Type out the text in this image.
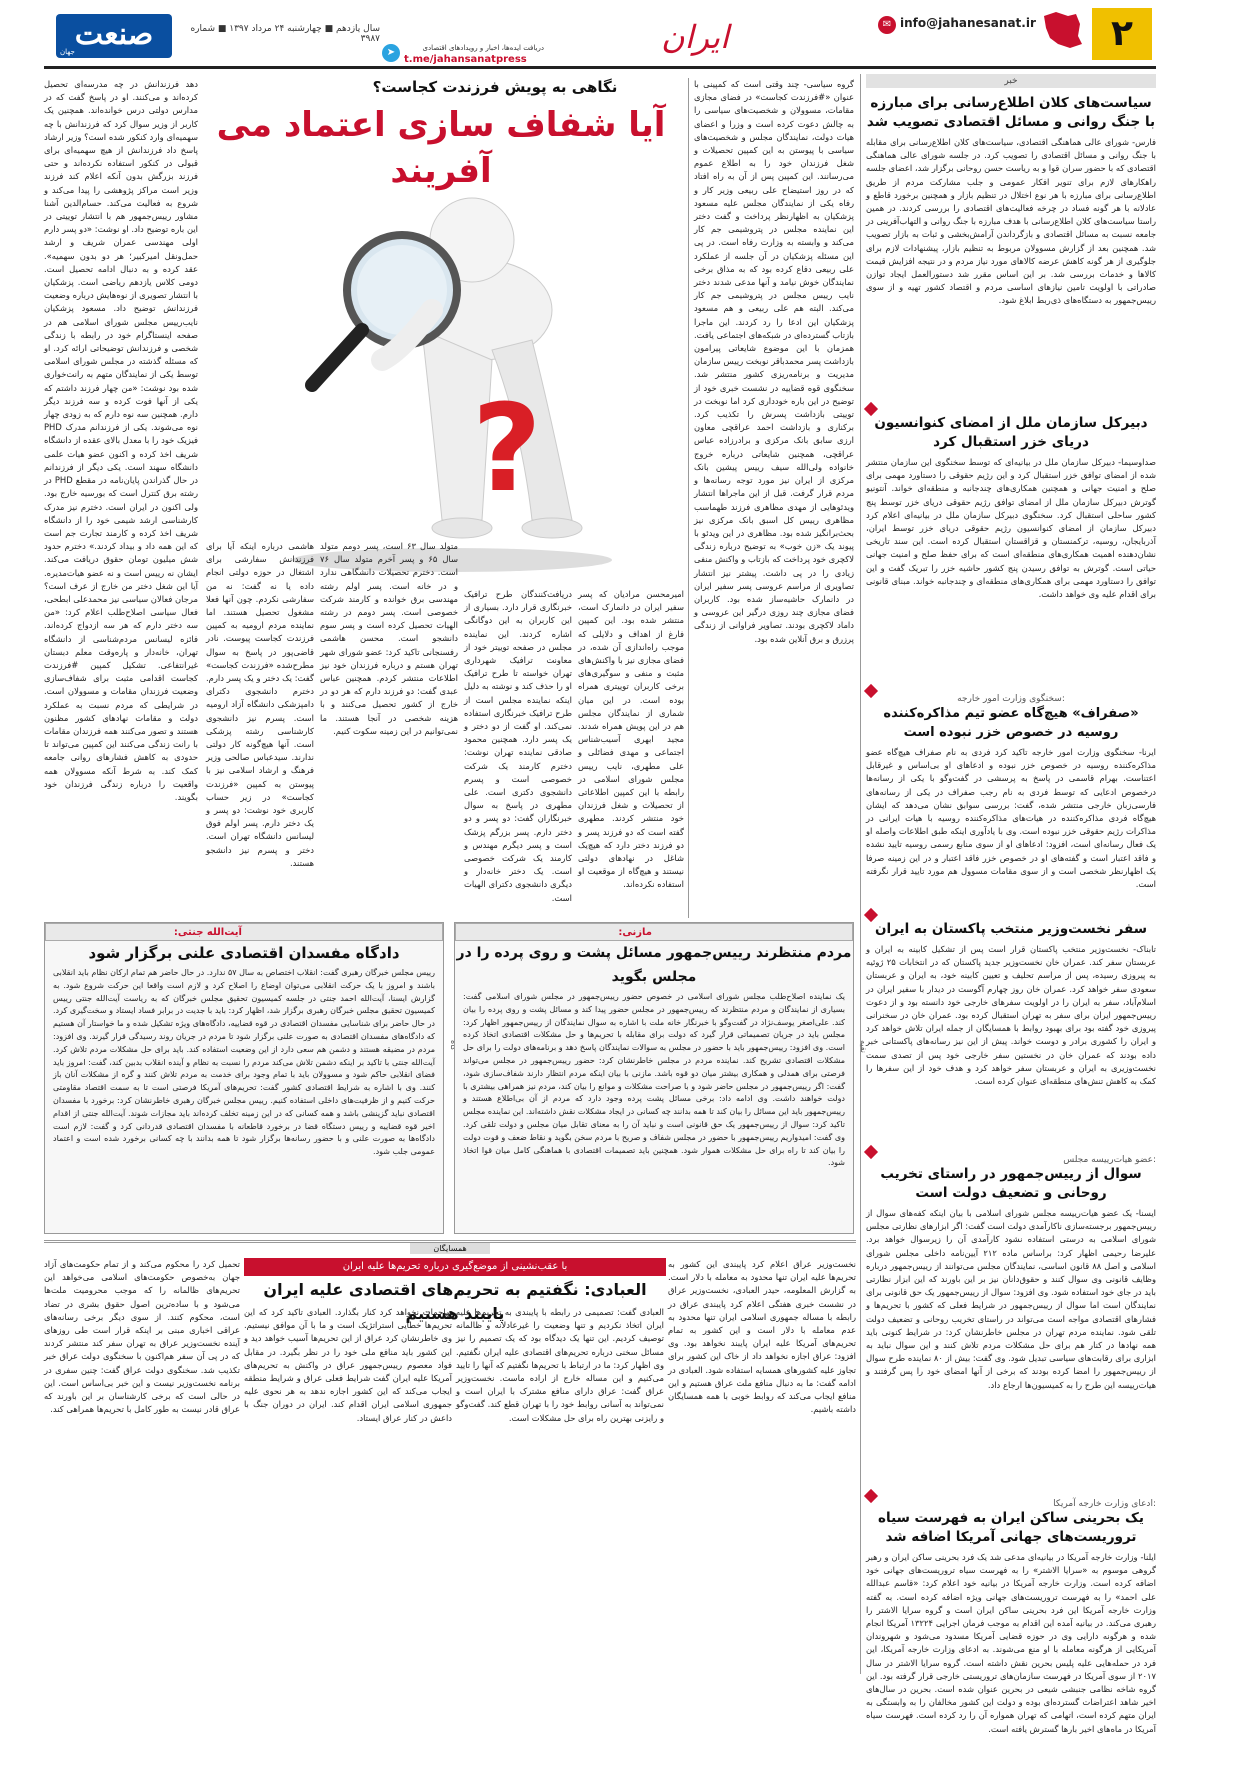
صنعت
جهان
سال یازدهم ■ چهارشنبه ۲۴ مرداد ۱۳۹۷ ■ شماره ۳۹۸۷
➤	دریافت ایده‌ها، اخبار و رویدادهای اقتصادی
t.me/jahansanatpress
ایران	✉ info@jahanesanat.ir	۲
خبر
سیاست‌های کلان اطلاع‌رسانی برای مبارزه با جنگ روانی و مسائل اقتصادی تصویب شد
فارس- شورای عالی هماهنگی اقتصادی، سیاست‌های کلان اطلاع‌رسانی برای مقابله با جنگ روانی و مسائل اقتصادی را تصویب کرد. در جلسه شورای عالی هماهنگی اقتصادی که با حضور سران قوا و به ریاست حسن روحانی برگزار شد، اعضای جلسه راهکارهای لازم برای تنویر افکار عمومی و جلب مشارکت مردم از طریق اطلاع‌رسانی برای مبارزه با هر نوع اختلال در تنظیم بازار و همچنین برخورد قاطع و عادلانه با هر گونه فساد در چرخه فعالیت‌های اقتصادی را بررسی کردند. در همین راستا سیاست‌های کلان اطلاع‌رسانی با هدف مبارزه با جنگ روانی و التهاب‌آفرینی در جامعه نسبت به مسائل اقتصادی و بازگرداندن آرامش‌بخشی و ثبات به بازار تصویب شد. همچنین بعد از گزارش مسوولان مربوط به تنظیم بازار، پیشنهادات لازم برای جلوگیری از هر گونه کاهش عرضه کالاهای مورد نیاز مردم و در نتیجه افزایش قیمت کالاها و خدمات بررسی شد. بر این اساس مقرر شد دستورالعمل ایجاد توازن صادراتی با اولویت تامین نیازهای اساسی مردم و اقتصاد کشور تهیه و از سوی رییس‌جمهور به دستگاه‌های ذی‌ربط ابلاغ شود.
دبیرکل سازمان ملل از امضای کنوانسیون دریای خزر استقبال کرد
صداوسیما- دبیرکل سازمان ملل در بیانیه‌ای که توسط سخنگوی این سازمان منتشر شده از امضای توافق خزر استقبال کرد و این رژیم حقوقی را دستاورد مهمی برای صلح و امنیت جهانی و همچنین همکاری‌های چندجانبه و منطقه‌ای خواند. آنتونیو گوترش دبیرکل سازمان ملل از امضای توافق رژیم حقوقی دریای خزر توسط پنج کشور ساحلی استقبال کرد. سخنگوی دبیرکل سازمان ملل در بیانیه‌ای اعلام کرد دبیرکل سازمان از امضای کنوانسیون رژیم حقوقی دریای خزر توسط ایران، آذربایجان، روسیه، ترکمنستان و قزاقستان استقبال کرده است. این سند تاریخی نشان‌دهنده اهمیت همکاری‌های منطقه‌ای است که برای حفظ صلح و امنیت جهانی حیاتی است. گوترش به توافق رسیدن پنج کشور حاشیه خزر را تبریک گفت و این توافق را دستاورد مهمی برای همکاری‌های منطقه‌ای و چندجانبه خواند. مبنای قانونی برای اقدام علیه وی خواهد داشت.
سخنگوی وزارت امور خارجه:
«صفراف» هیچ‌گاه عضو تیم مذاکره‌کننده روسیه در خصوص خزر نبوده است
ایرنا- سخنگوی وزارت امور خارجه تاکید کرد فردی به نام صفراف هیچ‌گاه عضو مذاکره‌کننده روسیه در خصوص خزر نبوده و ادعاهای او بی‌اساس و غیرقابل اعتناست. بهرام قاسمی در پاسخ به پرسشی در گفت‌وگو با یکی از رسانه‌ها درخصوص ادعایی که توسط فردی به نام رجب صفراف در یکی از رسانه‌های فارسی‌زبان خارجی منتشر شده، گفت: بررسی سوابق نشان می‌دهد که ایشان هیچ‌گاه فردی مذاکره‌کننده در هیات‌های مذاکره‌کننده روسیه با هیات ایرانی در مذاکرات رژیم حقوقی خزر نبوده است. وی با یادآوری اینکه طبق اطلاعات واصله او یک فعال رسانه‌ای است، افزود: ادعاهای او از سوی منابع رسمی روسیه تایید نشده و فاقد اعتبار است و گفته‌های او در خصوص خزر فاقد اعتبار و در این زمینه صرفا یک اظهارنظر شخصی است و از سوی مقامات مسوول هم مورد تایید قرار نگرفته است.
سفر نخست‌وزیر منتخب پاکستان به ایران
تابناک- نخست‌وزیر منتخب پاکستان قرار است پس از تشکیل کابینه به ایران و عربستان سفر کند. عمران خان نخست‌وزیر جدید پاکستان که در انتخابات ۲۵ ژوئیه به پیروزی رسیده، پس از مراسم تحلیف و تعیین کابینه خود، به ایران و عربستان سعودی سفر خواهد کرد. عمران خان روز چهارم آگوست در دیدار با سفیر ایران در اسلام‌آباد، سفر به ایران را در اولویت سفرهای خارجی خود دانسته بود و از دعوت رییس‌جمهور ایران برای سفر به تهران استقبال کرده بود. عمران خان در سخنرانی پیروزی خود گفته بود برای بهبود روابط با همسایگان از جمله ایران تلاش خواهد کرد و ایران را کشوری برادر و دوست خواند. پیش از این نیز رسانه‌های پاکستانی خبر داده بودند که عمران خان در نخستین سفر خارجی خود پس از تصدی سمت نخست‌وزیری به ایران و عربستان سفر خواهد کرد و هدف خود از این سفرها را کمک به کاهش تنش‌های منطقه‌ای عنوان کرده است.
عضو هیات‌رییسه مجلس:
سوال از رییس‌جمهور در راستای تخریب روحانی و تضعیف دولت است
ایسنا- یک عضو هیات‌رییسه مجلس شورای اسلامی با بیان اینکه کفه‌های سوال از رییس‌جمهور برجسته‌سازی ناکارآمدی دولت است گفت: اگر ابزارهای نظارتی مجلس شورای اسلامی به درستی استفاده نشود کارآمدی آن را زیرسوال خواهد برد. علیرضا رحیمی اظهار کرد: براساس ماده ۲۱۲ آیین‌نامه داخلی مجلس شورای اسلامی و اصل ۸۸ قانون اساسی، نمایندگان مجلس می‌توانند از رییس‌جمهور درباره وظایف قانونی وی سوال کنند و حقوق‌دانان نیز بر این باورند که این ابزار نظارتی باید در جای خود استفاده شود. وی افزود: سوال از رییس‌جمهور یک حق قانونی برای نمایندگان است اما سوال از رییس‌جمهور در شرایط فعلی که کشور با تحریم‌ها و فشارهای اقتصادی مواجه است می‌تواند در راستای تخریب روحانی و تضعیف دولت تلقی شود. نماینده مردم تهران در مجلس خاطرنشان کرد: در شرایط کنونی باید همه نهادها در کنار هم برای حل مشکلات مردم تلاش کنند و این سوال نباید به ابزاری برای رقابت‌های سیاسی تبدیل شود. وی گفت: بیش از ۸۰ نماینده طرح سوال از رییس‌جمهور را امضا کرده بودند که برخی از آنها امضای خود را پس گرفتند و هیات‌رییسه این طرح را به کمیسیون‌ها ارجاع داد.
ادعای وزارت خارجه آمریکا:
یک بحرینی ساکن ایران به فهرست سیاه تروریست‌های جهانی آمریکا اضافه شد
ایلنا- وزارت خارجه آمریکا در بیانیه‌ای مدعی شد یک فرد بحرینی ساکن ایران و رهبر گروهی موسوم به «سرایا الاشتر» را به فهرست سیاه تروریست‌های جهانی خود اضافه کرده است. وزارت خارجه آمریکا در بیانیه خود اعلام کرد: «قاسم عبدالله علی احمد» را به فهرست تروریست‌های جهانی ویژه اضافه کرده است. به گفته وزارت خارجه آمریکا این فرد بحرینی ساکن ایران است و گروه سرایا الاشتر را رهبری می‌کند. در بیانیه آمده این اقدام به موجب فرمان اجرایی ۱۳۲۲۴ آمریکا انجام شده و هرگونه دارایی وی در حوزه قضایی آمریکا مسدود می‌شود و شهروندان آمریکایی از هرگونه معامله با او منع می‌شوند. به ادعای وزارت خارجه آمریکا، این فرد در حمله‌هایی علیه پلیس بحرین نقش داشته است. گروه سرایا الاشتر در سال ۲۰۱۷ از سوی آمریکا در فهرست سازمان‌های تروریستی خارجی قرار گرفته بود. این گروه شاخه نظامی جنبشی شیعی در بحرین عنوان شده است. بحرین در سال‌های اخیر شاهد اعتراضات گسترده‌ای بوده و دولت این کشور مخالفان را به وابستگی به ایران متهم کرده است، اتهامی که تهران همواره آن را رد کرده است. فهرست سیاه آمریکا در ماه‌های اخیر بارها گسترش یافته است.
نگاهی به پویش فرزندت کجاست؟
آیا شفاف سازی اعتماد می آفریند
?
گروه سیاسی- چند وقتی است که کمپینی با عنوان «#فرزندت کجاست» در فضای مجازی مقامات، مسوولان و شخصیت‌های سیاسی را به چالش دعوت کرده است و وزرا و اعضای هیات دولت، نمایندگان مجلس و شخصیت‌های سیاسی با پیوستن به این کمپین تحصیلات و شغل فرزندان خود را به اطلاع عموم می‌رسانند. این کمپین پس از آن به راه افتاد که در روز استیضاح علی ربیعی وزیر کار و رفاه یکی از نمایندگان مجلس علیه مسعود پزشکیان به اظهارنظر پرداخت و گفت دختر این نماینده مجلس در پتروشیمی جم کار می‌کند و وابسته به وزارت رفاه است. در پی این مسئله پزشکیان در آن جلسه از عملکرد علی ربیعی دفاع کرده بود که به مذاق برخی نمایندگان خوش نیامد و آنها مدعی شدند دختر نایب رییس مجلس در پتروشیمی جم کار می‌کند. البته هم علی ربیعی و هم مسعود پزشکیان این ادعا را رد کردند. این ماجرا بازتاب گسترده‌ای در شبکه‌های اجتماعی یافت. همزمان با این موضوع شایعاتی پیرامون بازداشت پسر محمدباقر نوبخت رییس سازمان مدیریت و برنامه‌ریزی کشور منتشر شد. سخنگوی قوه قضاییه در نشست خبری خود از توضیح در این باره خودداری کرد اما نوبخت در توییتی بازداشت پسرش را تکذیب کرد. برکناری و بازداشت احمد عراقچی معاون ارزی سابق بانک مرکزی و برادرزاده عباس عراقچی، همچنین شایعاتی درباره خروج خانواده ولی‌الله سیف رییس پیشین بانک مرکزی از ایران نیز مورد توجه رسانه‌ها و مردم قرار گرفت. قبل از این ماجرا‌ها انتشار ویدئوهایی از مهدی مظاهری فرزند طهماسب مظاهری رییس کل اسبق بانک مرکزی نیز بحث‌برانگیز شده بود. مظاهری در این ویدئو با پیوند یک «زن خوب» به توضیح درباره زندگی لاکچری خود پرداخت که بازتاب و واکنش منفی زیادی را در پی داشت. پیشتر نیز انتشار تصاویری از مراسم عروسی پسر سفیر ایران در دانمارک حاشیه‌ساز شده بود. کاربران فضای مجازی چند روزی درگیر این عروسی و داماد لاکچری بودند. تصاویر فراوانی از زندگی پرزرق و برق آنلاین شده بود.
دهد فرزندانش در چه مدرسه‌ای تحصیل کرده‌اند و می‌کنند. او در پاسخ گفت که در مدارس دولتی درس خوانده‌اند. همچنین یک کاربر از وزیر سوال کرد که فرزندانش با چه سهمیه‌ای وارد کنکور شده است؟ وزیر ارشاد پاسخ داد فرزندانش از هیچ سهمیه‌ای برای قبولی در کنکور استفاده نکرده‌اند و حتی فرزند بزرگش بدون آنکه اعلام کند فرزند وزیر است مراکز پژوهشی را پیدا می‌کند و شروع به فعالیت می‌کند. حسام‌الدین آشنا مشاور رییس‌جمهور هم با انتشار توییتی در این باره توضیح داد. او نوشت: «دو پسر دارم اولی مهندسی عمران شریف و ارشد حمل‌ونقل امیرکبیر؛ هر دو بدون سهمیه». عقد کرده و به دنبال ادامه تحصیل است. دومی کلاس یازدهم ریاضی است. پزشکیان با انتشار تصویری از نوه‌هایش درباره وضعیت فرزندانش توضیح داد. مسعود پزشکیان نایب‌رییس مجلس شورای اسلامی هم در صفحه اینستاگرام خود در رابطه با زندگی شخصی و فرزندانش توضیحاتی ارائه کرد. او که مسئله گذشته در مجلس شورای اسلامی توسط یکی از نمایندگان متهم به رانت‌خواری شده بود نوشت: «من چهار فرزند داشتم که یکی از آنها فوت کرده و سه فرزند دیگر دارم. همچنین سه نوه دارم که به زودی چهار نوه می‌شوند. یکی از فرزندانم مدرک PHD فیزیک خود را با معدل بالای عقده از دانشگاه شریف اخذ کرده و اکنون عضو هیات علمی دانشگاه سهند است. یکی دیگر از فرزندانم در حال گذراندن پایان‌نامه در مقطع PHD در رشته برق کنترل است که بورسیه خارج بود. ولی اکنون در ایران است. دخترم نیز مدرک کارشناسی ارشد شیمی خود را از دانشگاه شریف اخذ کرده و کارمند تجارت جم است که این همه داد و بیداد کردند.» دخترم حدود شش میلیون تومان حقوق دریافت می‌کند. ایشان نه رییس است و نه عضو هیات‌مدیره. آیا این شغل دختر من خارج از عرف است؟ مرجان فعالان سیاسی نیز محمدعلی ابطحی، فعال سیاسی اصلاح‌طلب اعلام کرد: «من سه دختر دارم که هر سه ازدواج کرده‌اند. فائزه لیسانس مردم‌شناسی از دانشگاه تهران، خانه‌دار و پاره‌وقت معلم دبستان غیرانتفاعی. تشکیل کمپین #فرزندت کجاست اقدامی مثبت برای شفاف‌سازی وضعیت فرزندان مقامات و مسوولان است. در شرایطی که مردم نسبت به عملکرد دولت و مقامات نهادهای کشور مظنون هستند و تصور می‌کنند همه فرزندان مقامات با رانت زندگی می‌کنند این کمپین می‌تواند تا حدودی به کاهش فشارهای روانی جامعه کمک کند. به شرط آنکه مسوولان همه واقعیت را درباره زندگی فرزندان خود بگویند.
امیرمحسن مرادیان که پسر سفیر ایران در دانمارک است، منتشر شده بود. این کمپین فارغ از اهداف و دلایلی که موجب راه‌اندازی آن شده، در فضای مجازی نیز با واکنش‌های مثبت و منفی و سوگیری‌های برخی کاربران توییتری همراه بوده است. در این میان شماری از نمایندگان مجلس هم در این پویش همراه شدند. مجید ابهری آسیب‌شناس اجتماعی و مهدی فضائلی و علی مطهری، نایب رییس مجلس شورای اسلامی در رابطه با این کمپین اطلاعاتی از تحصیلات و شغل فرزندان خود منتشر کردند. مطهری گفته است که دو فرزند پسر و دو فرزند دختر دارد که هیچ‌یک شاغل در نهادهای دولتی نیستند و هیچ‌گاه از موقعیت او استفاده نکرده‌اند.
دریافت‌کنندگان طرح ترافیک خبرنگاری قرار دارد. بسیاری از این کاربران به این دوگانگی اشاره کردند. این نماینده مجلس در صفحه توییتر خود از معاونت ترافیک شهرداری تهران خواسته تا طرح ترافیک او را حذف کند و نوشته به دلیل اینکه نماینده مجلس است از طرح ترافیک خبرنگاری استفاده نمی‌کند. او گفت از دو دختر و یک پسر دارد. همچنین محمود صادقی نماینده تهران نوشت: دخترم کارمند یک شرکت خصوصی است و پسرم دانشجوی دکتری است. علی مطهری در پاسخ به سوال خبرنگاران گفت: دو پسر و دو دختر دارم. پسر بزرگم پزشک است و پسر دیگرم مهندس و کارمند یک شرکت خصوصی است. یک دختر خانه‌دار و دیگری دانشجوی دکترای الهیات است.
متولد سال ۶۳ است، پسر دومم متولد سال ۶۵ و پسر آخرم متولد سال ۷۶ است. دخترم تحصیلات دانشگاهی ندارد و در خانه است. پسر اولم رشته مهندسی برق خوانده و کارمند شرکت خصوصی است. پسر دومم در رشته الهیات تحصیل کرده است و پسر سوم دانشجو است. محسن هاشمی رفسنجانی تاکید کرد: عضو شورای شهر تهران هستم و درباره فرزندان خود نیز اطلاعات منتشر کردم. همچنین عباس عبدی گفت: دو فرزند دارم که هر دو در خارج از کشور تحصیل می‌کنند و با هزینه شخصی در آنجا هستند. ما نمی‌توانیم در این زمینه سکوت کنیم.
هاشمی درباره اینکه آیا برای فرزندانش سفارشی برای اشتغال در حوزه دولتی انجام داده یا نه گفت: نه من سفارشی نکردم. چون آنها فعلا مشغول تحصیل هستند. اما نماینده مردم ارومیه به کمپین فرزندت کجاست پیوست. نادر قاضی‌پور در پاسخ به سوال مطرح‌شده «فرزندت کجاست» گفت: یک دختر و یک پسر دارم. دخترم دانشجوی دکترای دامپزشکی دانشگاه آزاد ارومیه است. پسرم نیز دانشجوی کارشناسی رشته پزشکی است. آنها هیچ‌گونه کار دولتی ندارند. سیدعباس صالحی وزیر فرهنگ و ارشاد اسلامی نیز با پیوستن به کمپین «فرزندت کجاست» در زیر حساب کاربری خود نوشت: دو پسر و یک دختر دارم. پسر اولم فوق لیسانس دانشگاه تهران است. دختر و پسرم نیز دانشجو هستند.
آیت‌الله جنتی:
دادگاه مفسدان اقتصادی علنی برگزار شود
رییس مجلس خبرگان رهبری گفت: انقلاب اختصاص به سال ۵۷ ندارد. در حال حاضر هم تمام ارکان نظام باید انقلابی باشند و امروز با یک حرکت انقلابی می‌توان اوضاع را اصلاح کرد و لازم است واقعا این حرکت شروع شود. به گزارش ایسنا، آیت‌الله احمد جنتی در جلسه کمیسیون تحقیق مجلس خبرگان که به ریاست آیت‌الله جنتی رییس کمیسیون تحقیق مجلس خبرگان رهبری برگزار شد، اظهار کرد: باید با جدیت در برابر فساد ایستاد و سخت‌گیری کرد. در حال حاضر برای شناسایی مفسدان اقتصادی در قوه قضاییه، دادگاه‌های ویژه تشکیل شده و ما خواستار آن هستیم که دادگاه‌های مفسدان اقتصادی به صورت علنی برگزار شود تا مردم در جریان روند رسیدگی قرار گیرند. وی افزود: مردم در مضیقه هستند و دشمن هم سعی دارد از این وضعیت استفاده کند. باید برای حل مشکلات مردم تلاش کرد. آیت‌الله جنتی با تاکید بر اینکه دشمن تلاش می‌کند مردم را نسبت به نظام و آینده انقلاب بدبین کند، گفت: امروز باید فضای انقلابی حاکم شود و مسوولان باید با تمام وجود برای خدمت به مردم تلاش کنند و گره از مشکلات آنان باز کنند. وی با اشاره به شرایط اقتصادی کشور گفت: تحریم‌های آمریکا فرصتی است تا به سمت اقتصاد مقاومتی حرکت کنیم و از ظرفیت‌های داخلی استفاده کنیم. رییس مجلس خبرگان رهبری خاطرنشان کرد: برخورد با مفسدان اقتصادی نباید گزینشی باشد و همه کسانی که در این زمینه تخلف کرده‌اند باید مجازات شوند. آیت‌الله جنتی از اقدام اخیر قوه قضاییه و رییس دستگاه قضا در برخورد قاطعانه با مفسدان اقتصادی قدردانی کرد و گفت: لازم است دادگاه‌ها به صورت علنی و با حضور رسانه‌ها برگزار شود تا همه بدانند با چه کسانی برخورد شده است و اعتماد عمومی جلب شود.
مازنی:
مردم منتظرند رییس‌جمهور مسائل پشت و روی پرده را در مجلس بگوید
یک نماینده اصلاح‌طلب مجلس شورای اسلامی در خصوص حضور رییس‌جمهور در مجلس شورای اسلامی گفت: بسیاری از نمایندگان و مردم منتظرند که رییس‌جمهور در مجلس حضور پیدا کند و مسائل پشت و روی پرده را بیان کند. علی‌اصغر یوسف‌نژاد در گفت‌وگو با خبرنگار خانه ملت با اشاره به سوال نمایندگان از رییس‌جمهور اظهار کرد: مجلس باید در جریان تصمیماتی قرار گیرد که دولت برای مقابله با تحریم‌ها و حل مشکلات اقتصادی اتخاذ کرده است. وی افزود: رییس‌جمهور باید با حضور در مجلس به سوالات نمایندگان پاسخ دهد و برنامه‌های دولت را برای حل مشکلات اقتصادی تشریح کند. نماینده مردم در مجلس خاطرنشان کرد: حضور رییس‌جمهور در مجلس می‌تواند فرصتی برای همدلی و همکاری بیشتر میان دو قوه باشد. مازنی با بیان اینکه مردم انتظار دارند شفاف‌سازی شود، گفت: اگر رییس‌جمهور در مجلس حاضر شود و با صراحت مشکلات و موانع را بیان کند، مردم نیز همراهی بیشتری با دولت خواهند داشت. وی ادامه داد: برخی مسائل پشت پرده وجود دارد که مردم از آن بی‌اطلاع هستند و رییس‌جمهور باید این مسائل را بیان کند تا همه بدانند چه کسانی در ایجاد مشکلات نقش داشته‌اند. این نماینده مجلس تاکید کرد: سوال از رییس‌جمهور یک حق قانونی است و نباید آن را به معنای تقابل میان مجلس و دولت تلقی کرد. وی گفت: امیدواریم رییس‌جمهور با حضور در مجلس شفاف و صریح با مردم سخن بگوید و نقاط ضعف و قوت دولت را بیان کند تا راه برای حل مشکلات هموار شود. همچنین باید تصمیمات اقتصادی با هماهنگی کامل میان قوا اتخاذ شود.
نقیه
همسایگان
با عقب‌نشینی از موضع‌گیری درباره تحریم‌ها علیه ایران
العبادی: نگفتیم به تحریم‌های اقتصادی علیه ایران پایبند هستیم
نخست‌وزیر عراق اعلام کرد پایبندی این کشور به تحریم‌ها علیه ایران تنها محدود به معامله با دلار است. به گزارش المعلومه، حیدر العبادی، نخست‌وزیر عراق در نشست خبری هفتگی اعلام کرد پایبندی عراق در رابطه با مساله جمهوری اسلامی ایران تنها محدود به عدم معامله با دلار است و این کشور به تمام تحریم‌های آمریکا علیه ایران پایبند نخواهد بود. وی افزود: عراق اجازه نخواهد داد از خاک این کشور برای تجاوز علیه کشورهای همسایه استفاده شود. العبادی در ادامه گفت: ما به دنبال منافع ملت عراق هستیم و این منافع ایجاب می‌کند که روابط خوبی با همه همسایگان داشته باشیم.
العبادی گفت: تصمیمی در رابطه با پایبندی به تحریم‌ها علیه ایران اتخاذ نکردیم و تنها وضعیت را غیرعادلانه و ظالمانه توصیف کردیم. این تنها یک دیدگاه بود که یک تصمیم را نیز مسائل سخنی درباره تحریم‌های اقتصادی علیه ایران نگفتیم. وی اظهار کرد: ما در ارتباط با تحریم‌ها نگفتیم که آنها را تایید می‌کنیم و این مساله خارج از اراده ماست. نخست‌وزیر عراق گفت: عراق دارای منافع مشترک با ایران است و نمی‌تواند به آسانی روابط خود را با تهران قطع کند. گفت‌وگو و رایزنی بهترین راه برای حل مشکلات است.
تهاجمات نخواهد کرد کنار بگذارد. العبادی تاکید کرد که این تحریم‌ها خطایی استراتژیک است و ما با آن موافق نیستیم. وی خاطرنشان کرد عراق از این تحریم‌ها آسیب خواهد دید و این کشور باید منافع ملی خود را در نظر بگیرد. در مقابل فواد معصوم رییس‌جمهور عراق در واکنش به تحریم‌های آمریکا علیه ایران گفت شرایط فعلی عراق و شرایط منطقه ایجاب می‌کند که این کشور اجازه ندهد به هر نحوی علیه جمهوری اسلامی ایران اقدام کند. ایران در دوران جنگ با داعش در کنار عراق ایستاد.
تحمیل کرد را محکوم می‌کند و از تمام حکومت‌های آزاد جهان به‌خصوص حکومت‌های اسلامی می‌خواهد این تحریم‌های ظالمانه را که موجب محرومیت ملت‌ها می‌شود و با ساده‌ترین اصول حقوق بشری در تضاد است، محکوم کنند. از سوی دیگر برخی رسانه‌های عراقی اخباری مبنی بر اینکه قرار است طی روزهای آینده نخست‌وزیر عراق به تهران سفر کند منتشر کردند که در پی آن سفر هم‌اکنون با سخنگوی دولت عراق خبر تکذیب شد. سخنگوی دولت عراق گفت: چنین سفری در برنامه نخست‌وزیر نیست و این خبر بی‌اساس است. این در حالی است که برخی کارشناسان بر این باورند که عراق قادر نیست به طور کامل با تحریم‌ها همراهی کند.
